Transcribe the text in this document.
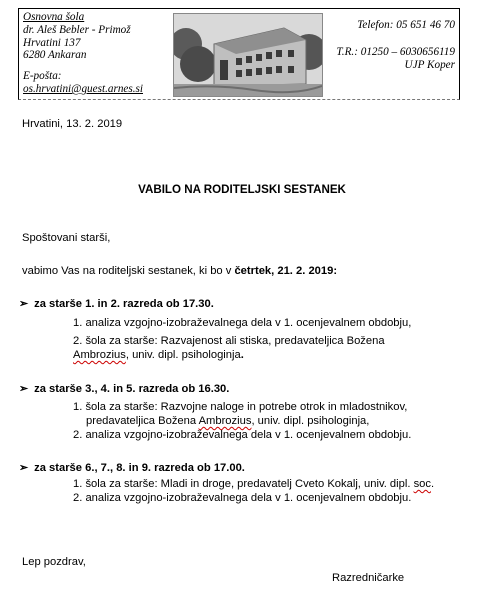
Osnovna šola
dr. Aleš Bebler - Primož
Hrvatini 137
6280 Ankaran
E-pošta:
os.hrvatini@guest.arnes.si
Telefon: 05 651 46 70
T.R.: 01250 – 6030656119
UJP Koper
Hrvatini, 13. 2. 2019
VABILO NA RODITELJSKI SESTANEK
Spoštovani starši,
vabimo Vas na roditeljski sestanek, ki bo v četrtek, 21. 2. 2019:
➢ za starše 1. in 2. razreda ob 17.30.
1. analiza vzgojno-izobraževalnega dela v 1. ocenjevalnem obdobju,
2. šola za starše: Razvajenost ali stiska, predavateljica Božena
Ambrozius, univ. dipl. psihologinja.
➢ za starše 3., 4. in 5. razreda ob 16.30.
1. šola za starše: Razvojne naloge in potrebe otrok in mladostnikov,
predavateljica Božena Ambrozius, univ. dipl. psihologinja,
2. analiza vzgojno-izobraževalnega dela v 1. ocenjevalnem obdobju.
➢ za starše 6., 7., 8. in 9. razreda ob 17.00.
1. šola za starše: Mladi in droge, predavatelj Cveto Kokalj, univ. dipl. soc.
2. analiza vzgojno-izobraževalnega dela v 1. ocenjevalnem obdobju.
Lep pozdrav,
Razredničarke
